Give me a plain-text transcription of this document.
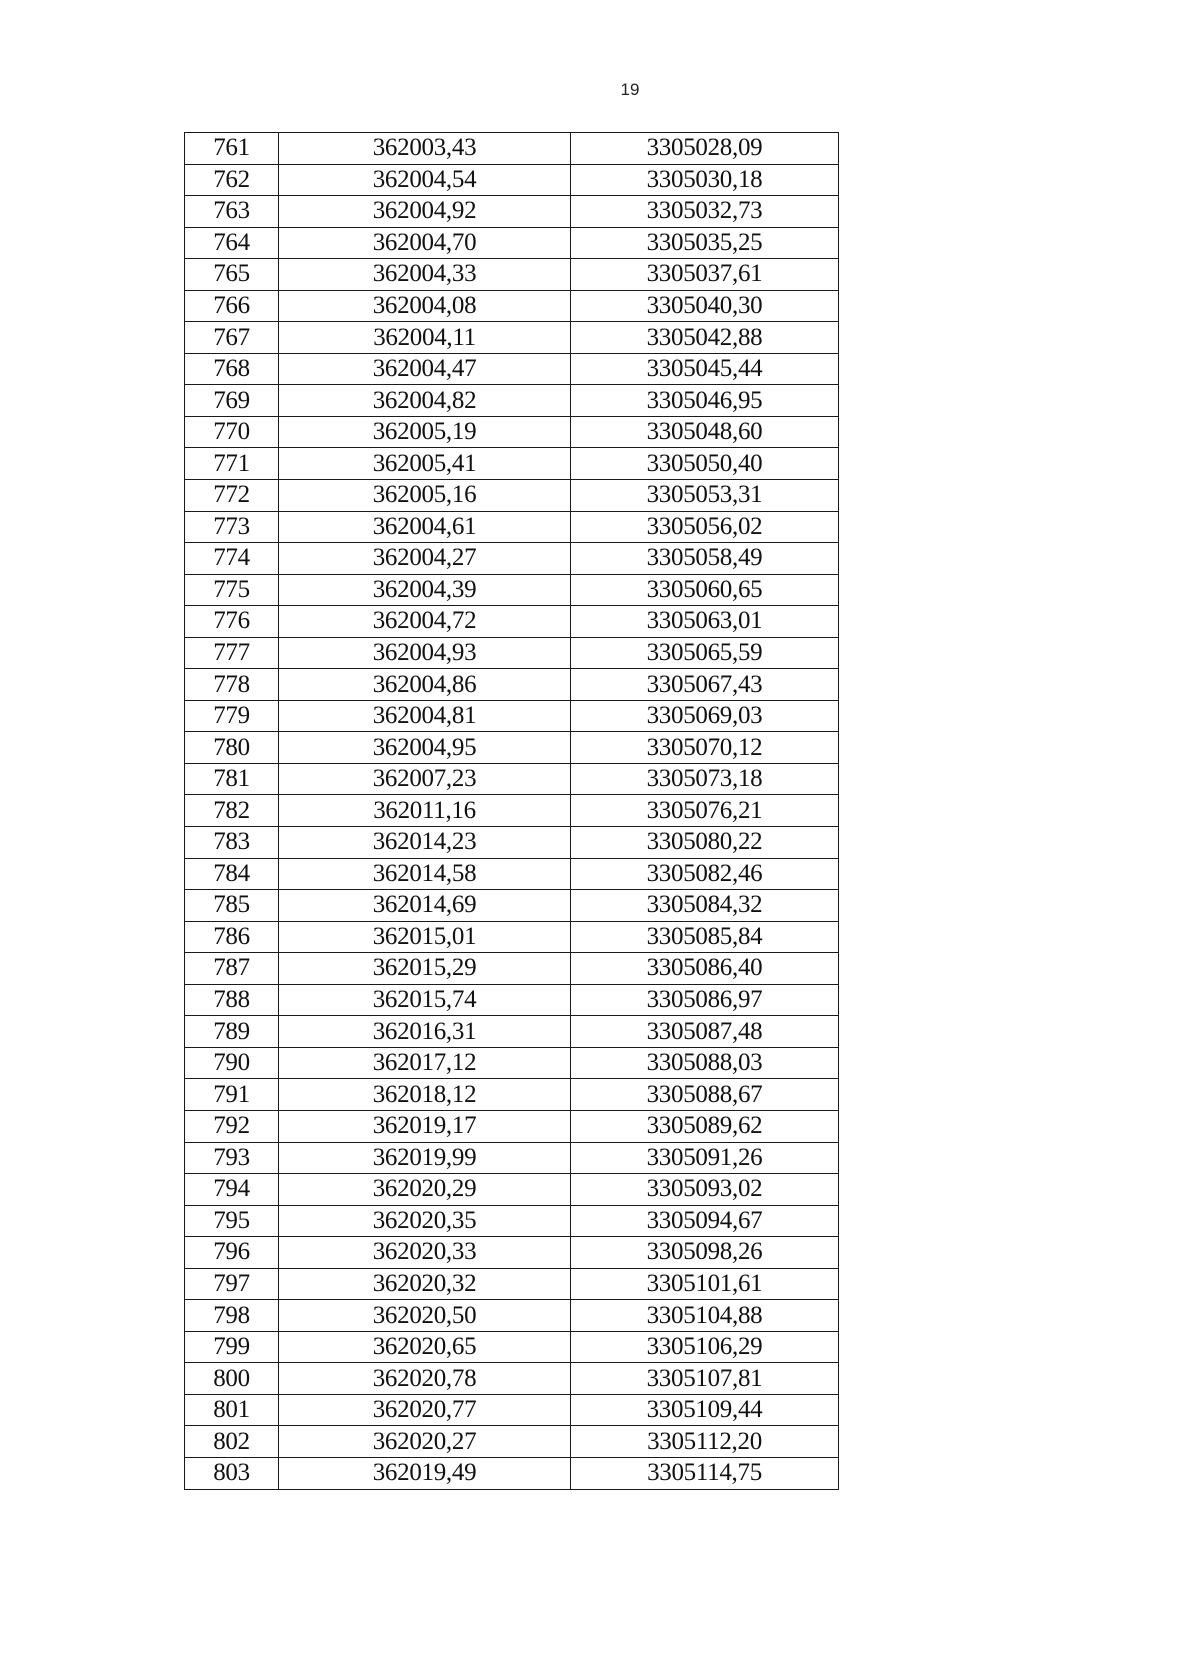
19
761	362003,43	3305028,09
762	362004,54	3305030,18
763	362004,92	3305032,73
764	362004,70	3305035,25
765	362004,33	3305037,61
766	362004,08	3305040,30
767	362004,11	3305042,88
768	362004,47	3305045,44
769	362004,82	3305046,95
770	362005,19	3305048,60
771	362005,41	3305050,40
772	362005,16	3305053,31
773	362004,61	3305056,02
774	362004,27	3305058,49
775	362004,39	3305060,65
776	362004,72	3305063,01
777	362004,93	3305065,59
778	362004,86	3305067,43
779	362004,81	3305069,03
780	362004,95	3305070,12
781	362007,23	3305073,18
782	362011,16	3305076,21
783	362014,23	3305080,22
784	362014,58	3305082,46
785	362014,69	3305084,32
786	362015,01	3305085,84
787	362015,29	3305086,40
788	362015,74	3305086,97
789	362016,31	3305087,48
790	362017,12	3305088,03
791	362018,12	3305088,67
792	362019,17	3305089,62
793	362019,99	3305091,26
794	362020,29	3305093,02
795	362020,35	3305094,67
796	362020,33	3305098,26
797	362020,32	3305101,61
798	362020,50	3305104,88
799	362020,65	3305106,29
800	362020,78	3305107,81
801	362020,77	3305109,44
802	362020,27	3305112,20
803	362019,49	3305114,75
